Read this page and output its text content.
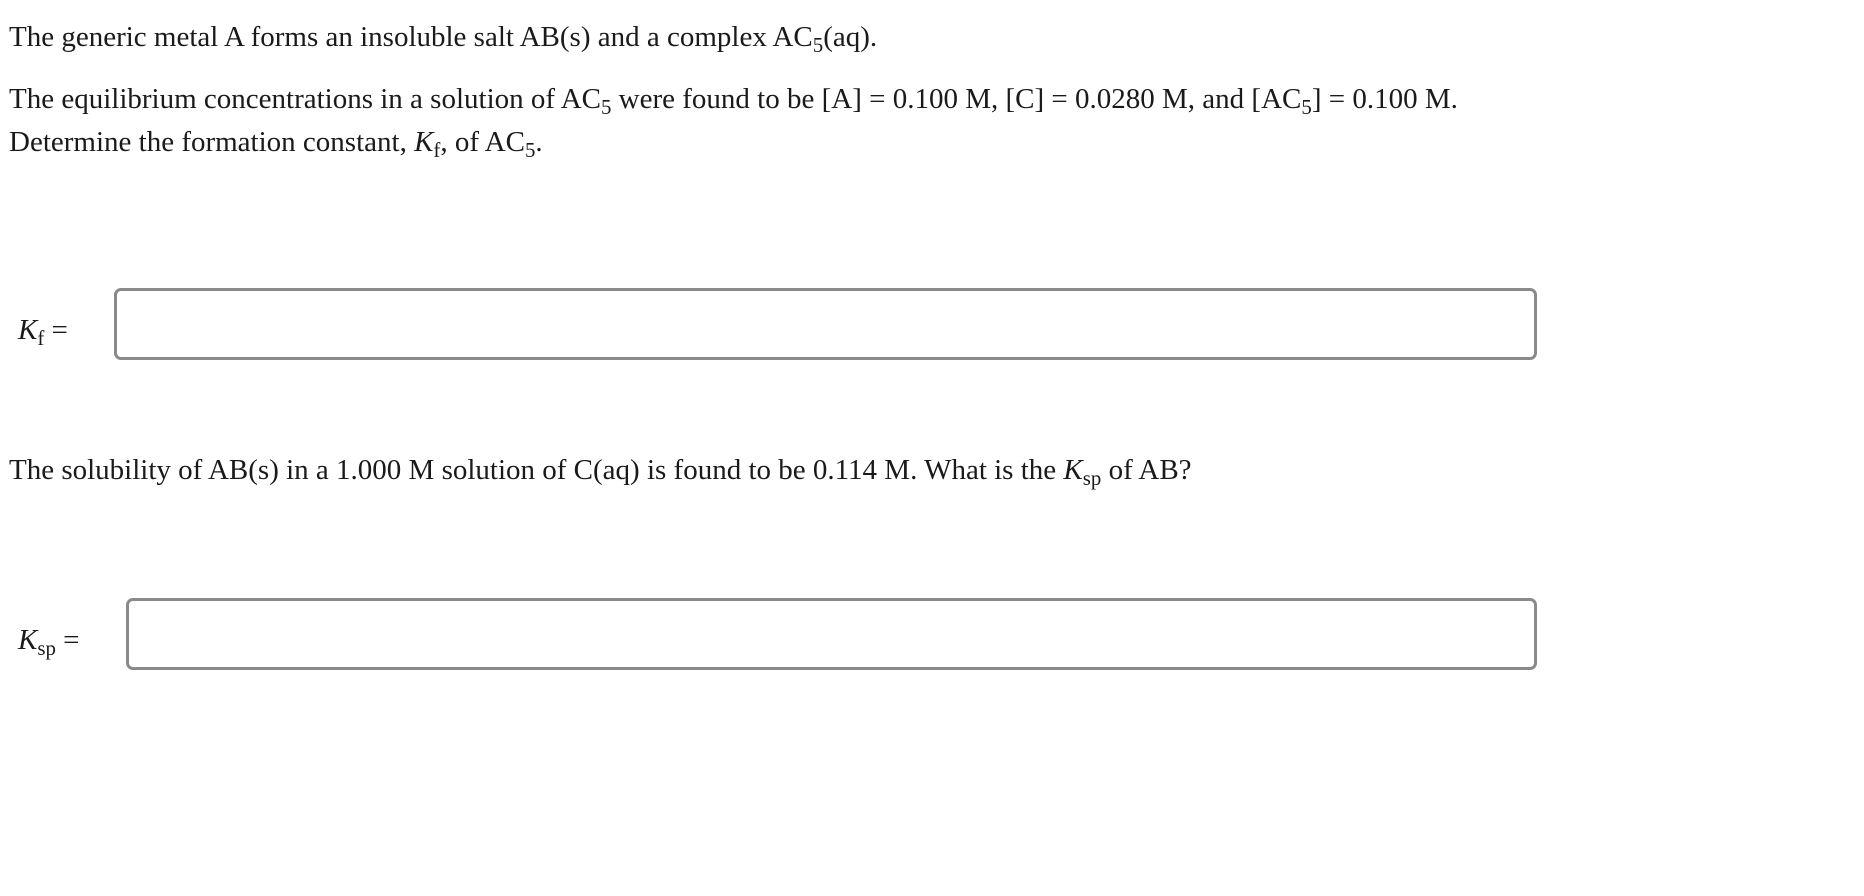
The generic metal A forms an insoluble salt AB(s) and a complex $AC_5(aq)$.

The equilibrium concentrations in a solution of $AC_5$ were found to be [A] = 0.100 M, [C] = 0.0280 M, and $[AC_5] = 0.100$ M.

Determine the formation constant, $K_f$, of $AC_5$.

$K_f$ =

The solubility of AB(s) in a 1.000 M solution of C(aq) is found to be 0.114 M. What is the $K_{sp}$ of AB?

$K_{sp}$ =
